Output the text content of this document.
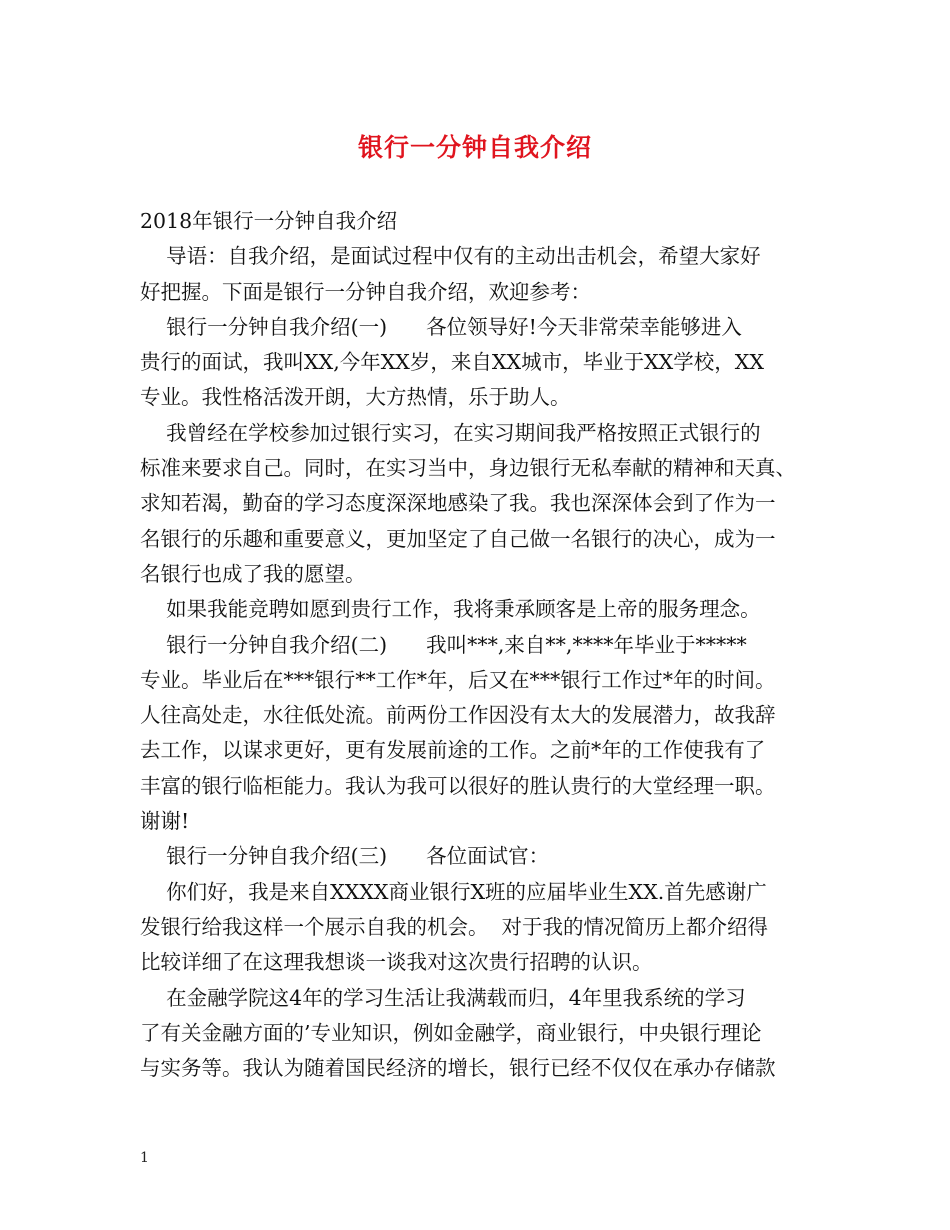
银行一分钟自我介绍
2018年银行一分钟自我介绍
导语：自我介绍，是面试过程中仅有的主动出击机会，希望大家好
好把握。下面是银行一分钟自我介绍，欢迎参考：
银行一分钟自我介绍(一)      各位领导好!今天非常荣幸能够进入
贵行的面试，我叫XX,今年XX岁，来自XX城市，毕业于XX学校，XX
专业。我性格活泼开朗，大方热情，乐于助人。
我曾经在学校参加过银行实习，在实习期间我严格按照正式银行的
标准来要求自己。同时，在实习当中，身边银行无私奉献的精神和天真、
求知若渴，勤奋的学习态度深深地感染了我。我也深深体会到了作为一
名银行的乐趣和重要意义，更加坚定了自己做一名银行的决心，成为一
名银行也成了我的愿望。
如果我能竞聘如愿到贵行工作，我将秉承顾客是上帝的服务理念。
银行一分钟自我介绍(二)      我叫***,来自**,****年毕业于*****
专业。毕业后在***银行**工作*年，后又在***银行工作过*年的时间。
人往高处走，水往低处流。前两份工作因没有太大的发展潜力，故我辞
去工作，以谋求更好，更有发展前途的工作。之前*年的工作使我有了
丰富的银行临柜能力。我认为我可以很好的胜认贵行的大堂经理一职。
谢谢!
银行一分钟自我介绍(三)      各位面试官：
你们好，我是来自XXXX商业银行X班的应届毕业生XX.首先感谢广
发银行给我这样一个展示自我的机会。  对于我的情况简历上都介绍得
比较详细了在这理我想谈一谈我对这次贵行招聘的认识。
在金融学院这4年的学习生活让我满载而归，4年里我系统的学习
了有关金融方面的’专业知识，例如金融学，商业银行，中央银行理论
与实务等。我认为随着国民经济的增长，银行已经不仅仅在承办存储款
1
